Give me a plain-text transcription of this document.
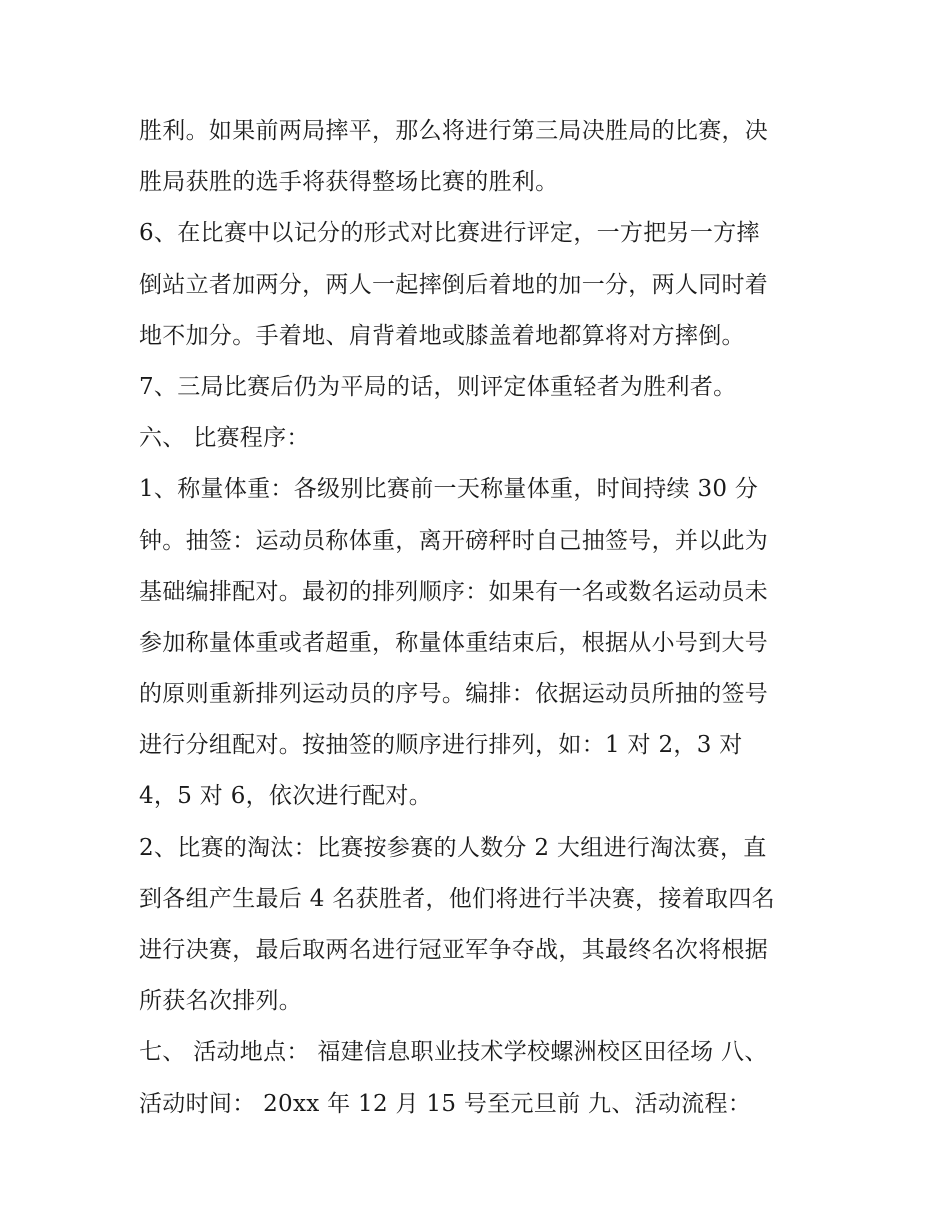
胜利。如果前两局摔平，那么将进行第三局决胜局的比赛，决
胜局获胜的选手将获得整场比赛的胜利。
6、在比赛中以记分的形式对比赛进行评定，一方把另一方摔
倒站立者加两分，两人一起摔倒后着地的加一分，两人同时着
地不加分。手着地、肩背着地或膝盖着地都算将对方摔倒。
7、三局比赛后仍为平局的话，则评定体重轻者为胜利者。
六、 比赛程序：
1、称量体重：各级别比赛前一天称量体重，时间持续 30 分
钟。抽签：运动员称体重，离开磅秤时自己抽签号，并以此为
基础编排配对。最初的排列顺序：如果有一名或数名运动员未
参加称量体重或者超重，称量体重结束后，根据从小号到大号
的原则重新排列运动员的序号。编排：依据运动员所抽的签号
进行分组配对。按抽签的顺序进行排列，如：1 对 2，3 对
4，5 对 6，依次进行配对。
2、比赛的淘汰：比赛按参赛的人数分 2 大组进行淘汰赛，直
到各组产生最后 4 名获胜者，他们将进行半决赛，接着取四名
进行决赛，最后取两名进行冠亚军争夺战，其最终名次将根据
所获名次排列。
七、 活动地点： 福建信息职业技术学校螺洲校区田径场 八、
活动时间： 20xx 年 12 月 15 号至元旦前 九、活动流程：
